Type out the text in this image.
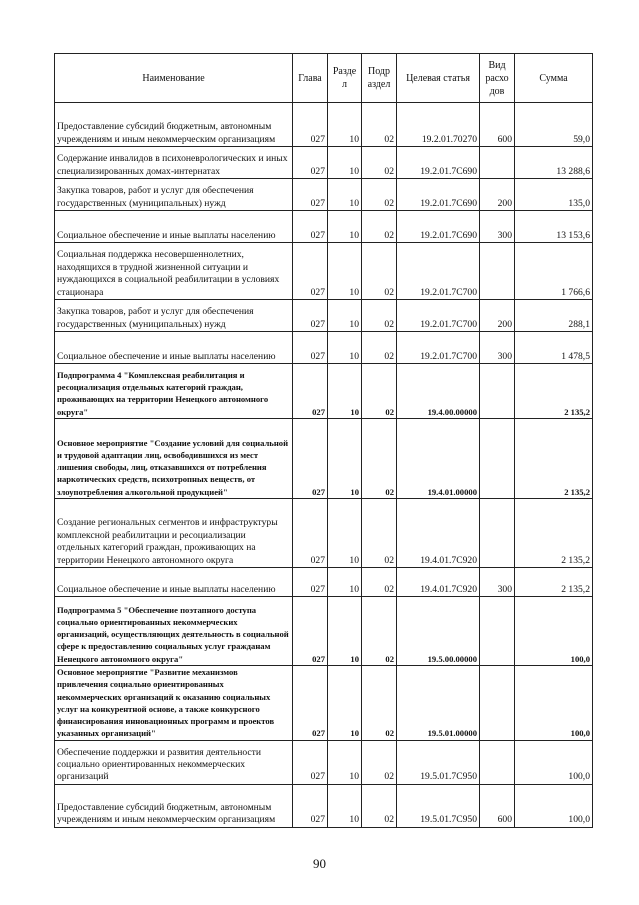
Наименование	Глава	Разде л	Подр аздел	Целевая статья	Вид расхо дов	Сумма
Предоставление субсидий бюджетным, автономным учреждениям и иным некоммерческим организациям	027	10	02	19.2.01.70270	600	59,0
Содержание инвалидов в психоневрологических и иных специализированных домах-интернатах	027	10	02	19.2.01.7С690		13 288,6
Закупка товаров, работ и услуг для обеспечения государственных (муниципальных) нужд	027	10	02	19.2.01.7С690	200	135,0
Социальное обеспечение и иные выплаты населению	027	10	02	19.2.01.7С690	300	13 153,6
Социальная поддержка несовершеннолетних, находящихся в трудной жизненной ситуации и нуждающихся в социальной реабилитации в условиях стационара	027	10	02	19.2.01.7С700		1 766,6
Закупка товаров, работ и услуг для обеспечения государственных (муниципальных) нужд	027	10	02	19.2.01.7С700	200	288,1
Социальное обеспечение и иные выплаты населению	027	10	02	19.2.01.7С700	300	1 478,5
Подпрограмма 4 "Комплексная реабилитация и ресоциализация отдельных категорий граждан, проживающих на территории Ненецкого автономного округа"	027	10	02	19.4.00.00000		2 135,2
Основное мероприятие "Создание условий для социальной и трудовой адаптации лиц, освободившихся из мест лишения свободы, лиц, отказавшихся от потребления наркотических средств, психотропных веществ, от злоупотребления алкогольной продукцией"	027	10	02	19.4.01.00000		2 135,2
Создание региональных сегментов и инфраструктуры комплексной реабилитации и ресоциализации отдельных категорий граждан, проживающих на территории Ненецкого автономного округа	027	10	02	19.4.01.7С920		2 135,2
Социальное обеспечение и иные выплаты населению	027	10	02	19.4.01.7С920	300	2 135,2
Подпрограмма 5 "Обеспечение поэтапного доступа социально ориентированных некоммерческих организаций, осуществляющих деятельность в социальной сфере к предоставлению социальных услуг гражданам Ненецкого автономного округа"	027	10	02	19.5.00.00000		100,0
Основное мероприятие "Развитие механизмов привлечения социально ориентированных некоммерческих организаций к оказанию социальных услуг на конкурентной основе, а также конкурсного финансирования инновационных программ и проектов указанных организаций"	027	10	02	19.5.01.00000		100,0
Обеспечение поддержки и развития деятельности социально ориентированных некоммерческих организаций	027	10	02	19.5.01.7С950		100,0
Предоставление субсидий бюджетным, автономным учреждениям и иным некоммерческим организациям	027	10	02	19.5.01.7С950	600	100,0
90
